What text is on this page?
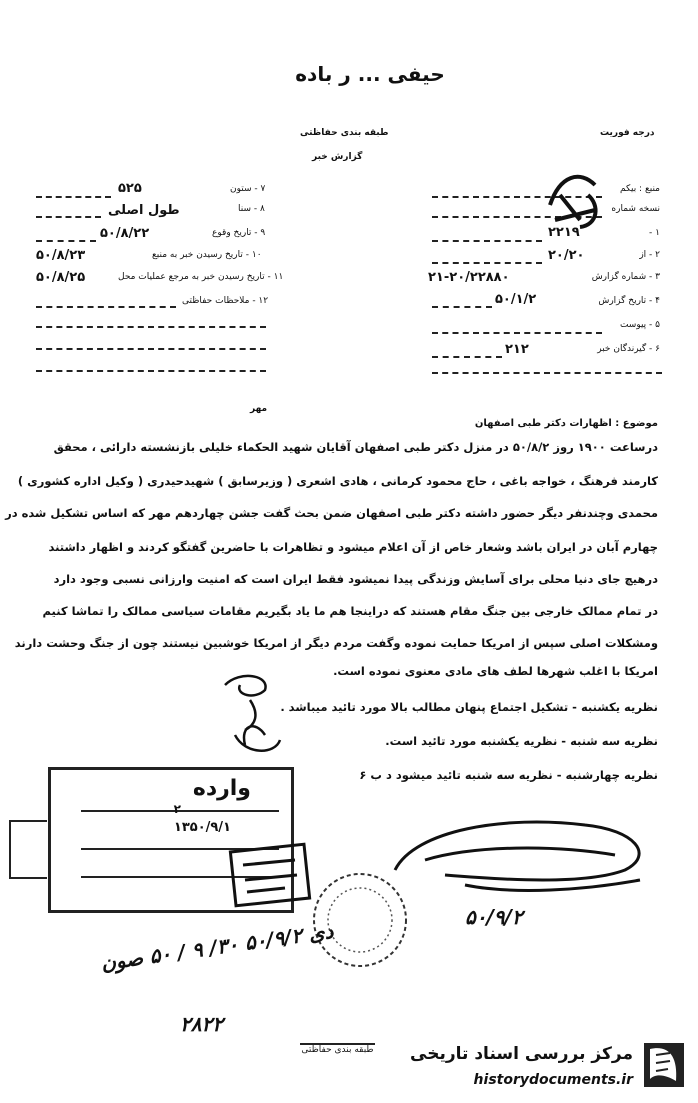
حیفی ... ر باده
طبقه بندی حفاظتی
گزارش خبر
درجه فوریت
منبع : بیکم
نسخه شماره
۱ -
۲۲۱۹
۲ - از
۲۰/۲۰
۳ - شماره گزارش
۲۱-۲۰/۲۲۸۸۰
۴ - تاریخ گزارش
۵۰/۱/۲
۵ - پیوست
۶ - گیرندگان خبر
۲۱۲
۷ - ستون
۵۲۵
۸ - سنا
طول اصلی
۹ - تاریخ وقوع
۵۰/۸/۲۲
۱۰ - تاریخ رسیدن خبر به منبع
۵۰/۸/۲۳
۱۱ - تاریخ رسیدن خبر به مرجع عملیات محل
۵۰/۸/۲۵
۱۲ - ملاحظات حفاظتی
مهر
موضوع : اظهارات دکتر طبی اصفهان
درساعت ۱۹۰۰ روز ۵۰/۸/۲ در منزل دکتر طبی اصفهان آقایان شهید الحکماء خلیلی بازنشسته دارائی ، محقق
کارمند فرهنگ ، خواجه باغی ، حاج محمود کرمانی ، هادی اشعری ( وزیرسابق ) شهیدحیدری ( وکیل اداره کشوری )
محمدی وچندنفر دیگر حضور داشته دکتر طبی اصفهان ضمن بحث گفت جشن چهاردهم مهر که اساس تشکیل شده در
چهارم آبان در ایران باشد وشعار خاص از آن اعلام میشود و تظاهرات با حاضرین گفتگو کردند و اظهار داشتند
درهیچ جای دنیا محلی برای آسایش وزندگی پیدا نمیشود فقط ایران است که امنیت وارزانی نسبی وجود دارد
در تمام ممالک خارجی بین جنگ مقام هستند که دراینجا هم ما یاد بگیریم مقامات سیاسی ممالک را تماشا کنیم
ومشکلات اصلی سپس از امریکا حمایت نموده وگفت مردم دیگر از امریکا خوشبین نیستند چون از جنگ وحشت دارند
امریکا با اغلب شهرها لطف های مادی معنوی نموده است.
نظریه یکشنبه - تشکیل اجتماع پنهان مطالب بالا مورد تائید میباشد .
نظریه سه شنبه - نظریه یکشنبه مورد تائید است.
نظریه چهارشنبه - نظریه سه شنبه تائید میشود د ب ۶
وارده
۲
۱۳۵۰/۹/۱
۵۰/۹/۲
دی ۵۰/۹/۲ ۳۰/ ۹ / ۵۰ صون
۲۸۲۲
طبقه بندی حفاظتی مرکز بررسی اسناد تاریخی
historydocuments.ir
